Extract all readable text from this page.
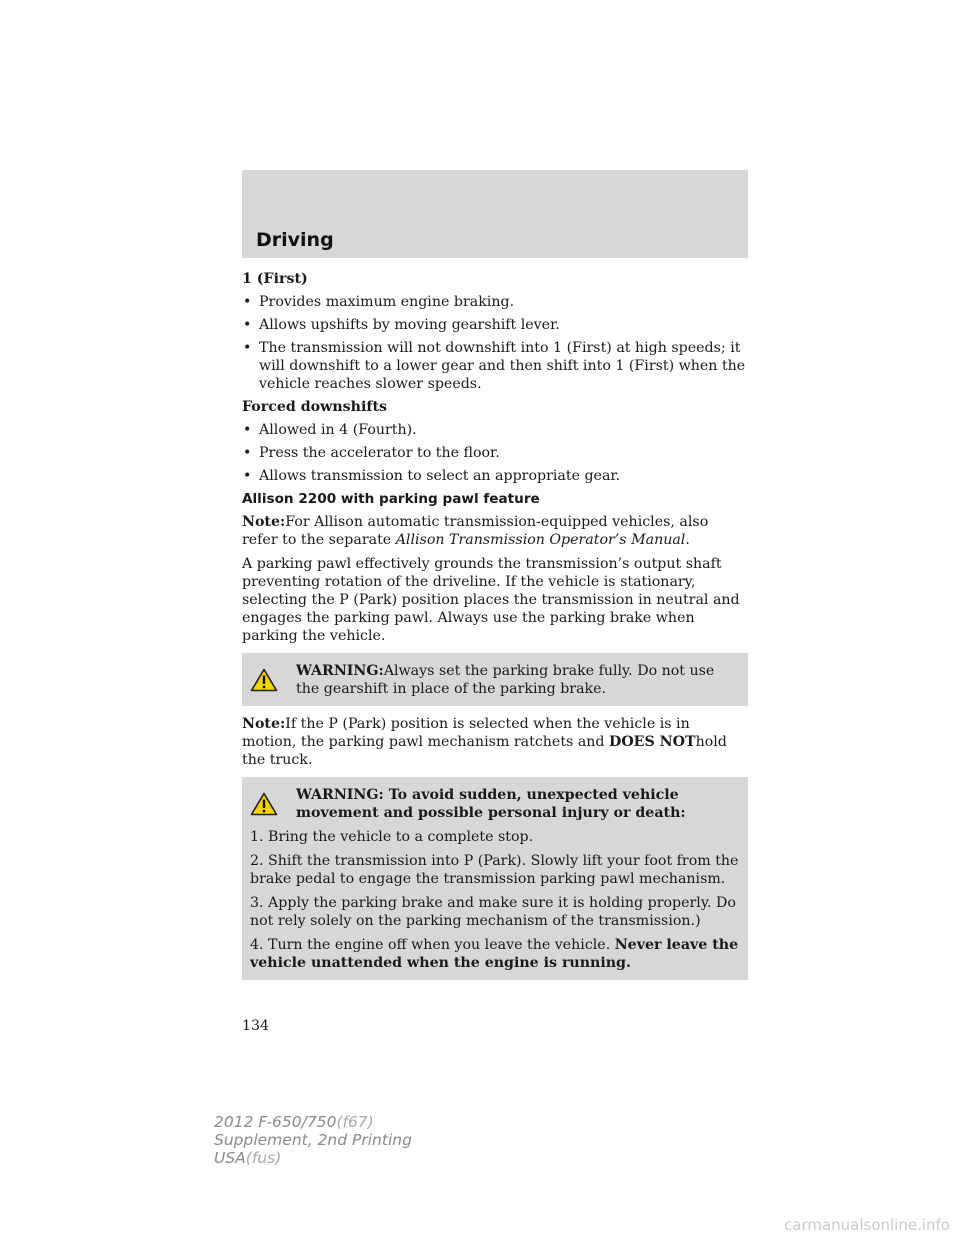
Driving

1 (First)

• Provides maximum engine braking.
• Allows upshifts by moving gearshift lever.
• The transmission will not downshift into 1 (First) at high speeds; it will downshift to a lower gear and then shift into 1 (First) when the vehicle reaches slower speeds.

Forced downshifts

• Allowed in 4 (Fourth).
• Press the accelerator to the floor.
• Allows transmission to select an appropriate gear.

Allison 2200 with parking pawl feature

Note:For Allison automatic transmission-equipped vehicles, also refer to the separate Allison Transmission Operator’s Manual.

A parking pawl effectively grounds the transmission’s output shaft preventing rotation of the driveline. If the vehicle is stationary, selecting the P (Park) position places the transmission in neutral and engages the parking pawl. Always use the parking brake when parking the vehicle.

WARNING:Always set the parking brake fully. Do not use the gearshift in place of the parking brake.

Note:If the P (Park) position is selected when the vehicle is in motion, the parking pawl mechanism ratchets and DOES NOThold the truck.

WARNING: To avoid sudden, unexpected vehicle movement and possible personal injury or death:

1. Bring the vehicle to a complete stop.

2. Shift the transmission into P (Park). Slowly lift your foot from the brake pedal to engage the transmission parking pawl mechanism.

3. Apply the parking brake and make sure it is holding properly. Do not rely solely on the parking mechanism of the transmission.)

4. Turn the engine off when you leave the vehicle. Never leave the vehicle unattended when the engine is running.

134
2012 F-650/750(f67)
Supplement, 2nd Printing
USA(fus)
carmanualsonline.info
